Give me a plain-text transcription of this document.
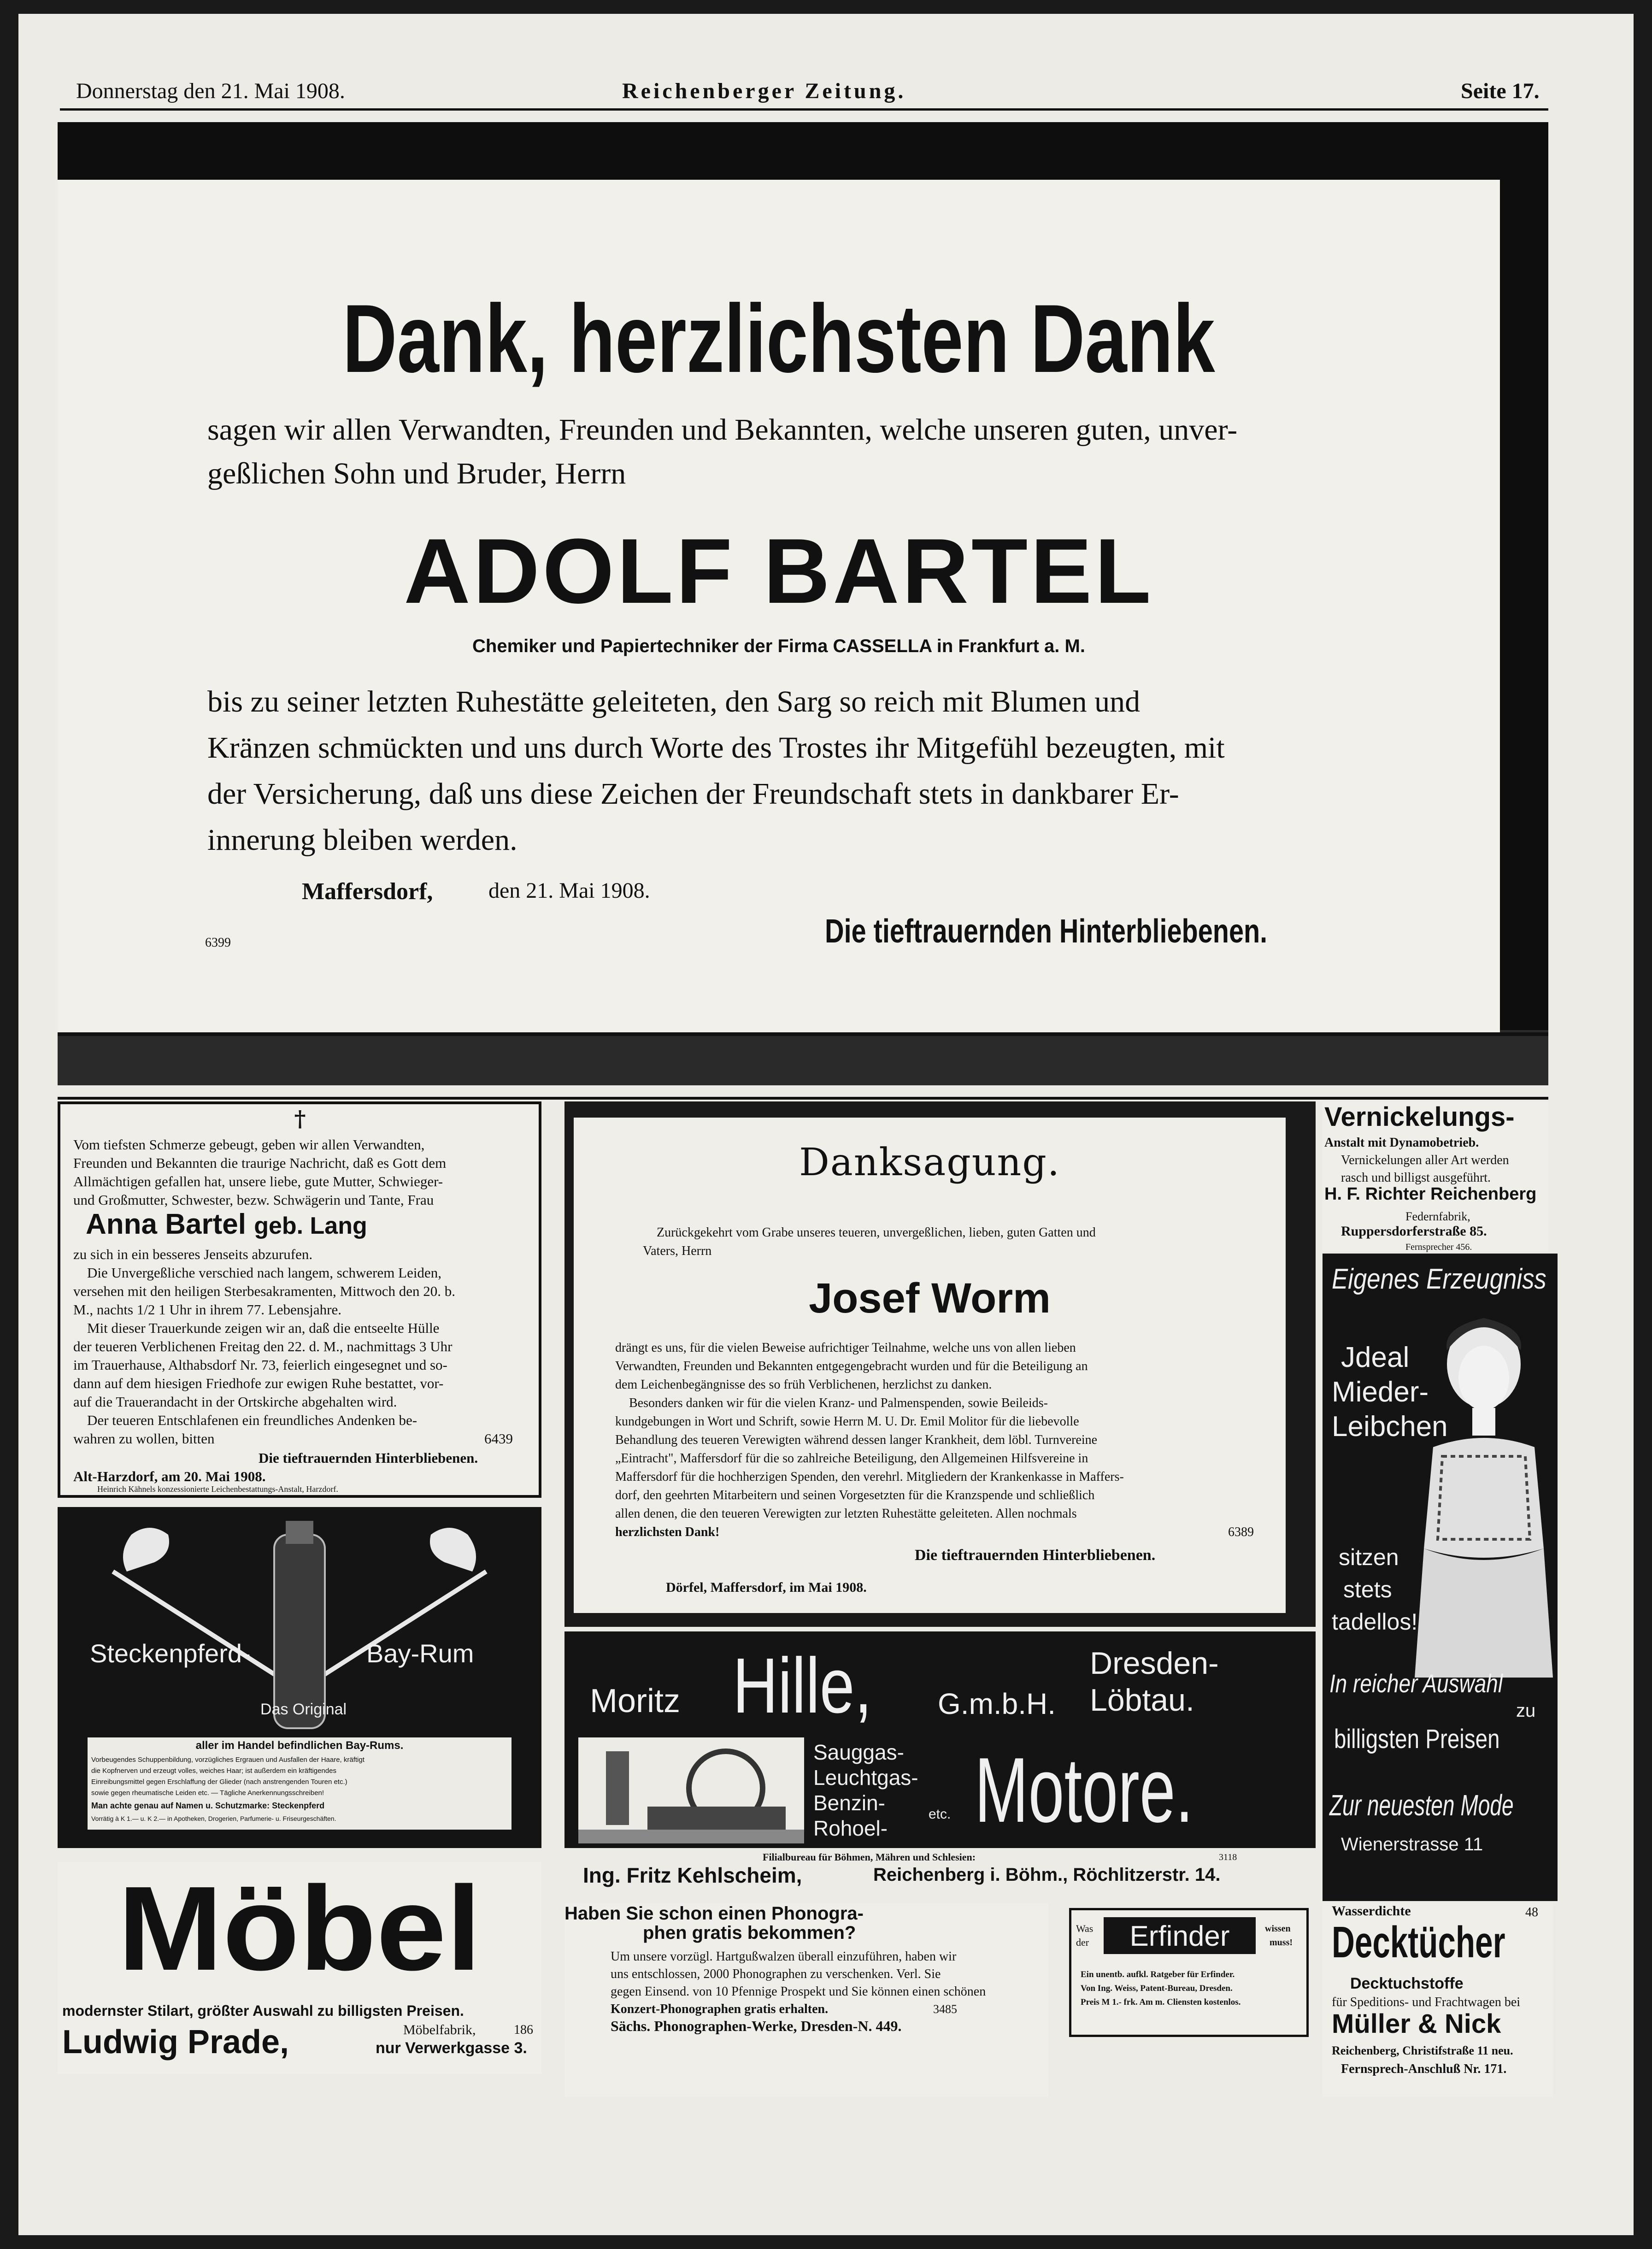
Donnerstag den 21. Mai 1908.	Reichenberger Zeitung.	Seite 17.
Dank, herzlichsten Dank
sagen wir allen Verwandten, Freunden und Bekannten, welche unseren guten, unver-
geßlichen Sohn und Bruder, Herrn
ADOLF BARTEL
Chemiker und Papiertechniker der Firma CASSELLA in Frankfurt a. M.
bis zu seiner letzten Ruhestätte geleiteten, den Sarg so reich mit Blumen und
Kränzen schmückten und uns durch Worte des Trostes ihr Mitgefühl bezeugten, mit
der Versicherung, daß uns diese Zeichen der Freundschaft stets in dankbarer Er-
innerung bleiben werden.
Maffersdorf,	den 21. Mai 1908.
6399	Die tieftrauernden Hinterbliebenen.
†
Vom tiefsten Schmerze gebeugt, geben wir allen Verwandten,
Freunden und Bekannten die traurige Nachricht, daß es Gott dem
Allmächtigen gefallen hat, unsere liebe, gute Mutter, Schwieger-
und Großmutter, Schwester, bezw. Schwägerin und Tante, Frau
Anna Bartel geb. Lang
zu sich in ein besseres Jenseits abzurufen.
Die Unvergeßliche verschied nach langem, schwerem Leiden,
versehen mit den heiligen Sterbesakramenten, Mittwoch den 20. b.
M., nachts 1/2 1 Uhr in ihrem 77. Lebensjahre.
Mit dieser Trauerkunde zeigen wir an, daß die entseelte Hülle
der teueren Verblichenen Freitag den 22. d. M., nachmittags 3 Uhr
im Trauerhause, Althabsdorf Nr. 73, feierlich eingesegnet und so-
dann auf dem hiesigen Friedhofe zur ewigen Ruhe bestattet, vor-
auf die Trauerandacht in der Ortskirche abgehalten wird.
Der teueren Entschlafenen ein freundliches Andenken be-
wahren zu wollen, bitten	6439
Die tieftrauernden Hinterbliebenen.
Alt-Harzdorf, am 20. Mai 1908.
Heinrich Kähnels konzessionierte Leichenbestattungs-Anstalt, Harzdorf.
Danksagung.
Zurückgekehrt vom Grabe unseres teueren, unvergeßlichen, lieben, guten Gatten und
Vaters, Herrn
Josef Worm
drängt es uns, für die vielen Beweise aufrichtiger Teilnahme, welche uns von allen lieben
Verwandten, Freunden und Bekannten entgegengebracht wurden und für die Beteiligung an
dem Leichenbegängnisse des so früh Verblichenen, herzlichst zu danken.
Besonders danken wir für die vielen Kranz- und Palmenspenden, sowie Beileids-
kundgebungen in Wort und Schrift, sowie Herrn M. U. Dr. Emil Molitor für die liebevolle
Behandlung des teueren Verewigten während dessen langer Krankheit, dem löbl. Turnvereine
„Eintracht", Maffersdorf für die so zahlreiche Beteiligung, den Allgemeinen Hilfsvereine in
Maffersdorf für die hochherzigen Spenden, den verehrl. Mitgliedern der Krankenkasse in Maffers-
dorf, den geehrten Mitarbeitern und seinen Vorgesetzten für die Kranzspende und schließlich
allen denen, die den teueren Verewigten zur letzten Ruhestätte geleiteten. Allen nochmals
herzlichsten Dank!	6389
Die tieftrauernden Hinterbliebenen.
Dörfel, Maffersdorf, im Mai 1908.
Vernickelungs-
Anstalt mit Dynamobetrieb.
Vernickelungen aller Art werden
rasch und billigst ausgeführt.
H. F. Richter Reichenberg
Federnfabrik,
Ruppersdorferstraße 85.
Fernsprecher 456.
Eigenes Erzeugniss
Jdeal
Mieder-
Leibchen
sitzen
stets
tadellos!
In reicher Auswahl
zu
billigsten Preisen
Zur neuesten Mode
Wienerstrasse 11
Steckenpferd-	Bay-Rum
Das Original
aller im Handel befindlichen Bay-Rums.
Vorbeugendes Schuppenbildung, vorzügliches Ergrauen und Ausfallen der Haare, kräftigt
die Kopfnerven und erzeugt volles, weiches Haar; ist außerdem ein kräftigendes
Einreibungsmittel gegen Erschlaffung der Glieder (nach anstrengenden Touren etc.)
sowie gegen rheumatische Leiden etc. — Tägliche Anerkennungsschreiben!
Man achte genau auf Namen u. Schutzmarke: Steckenpferd
Vorrätig à K 1.— u. K 2.— in Apotheken, Drogerien, Parfumerie- u. Friseurgeschäften.
Moritz Hille, G.m.b.H.
Dresden-
Löbtau.
Sauggas-
Leuchtgas-
Benzin-
Rohoel-
etc. Motore.
Filialbureau für Böhmen, Mähren und Schlesien:	3118
Ing. Fritz Kehlscheim,	Reichenberg i. Böhm., Röchlitzerstr. 14.
Möbel
modernster Stilart, größter Auswahl zu billigsten Preisen.
Ludwig Prade,	Möbelfabrik,	186
nur Verwerkgasse 3.
Haben Sie schon einen Phonogra-
phen gratis bekommen?
Um unsere vorzügl. Hartgußwalzen überall einzuführen, haben wir
uns entschlossen, 2000 Phonographen zu verschenken. Verl. Sie
gegen Einsend. von 10 Pfennige Prospekt und Sie können einen schönen
Konzert-Phonographen gratis erhalten.	3485
Sächs. Phonographen-Werke, Dresden-N. 449.
Was
der	Erfinder	wissen
muss!
Ein unentb. aufkl. Ratgeber für Erfinder.
Von Ing. Weiss, Patent-Bureau, Dresden.
Preis M 1.- frk. Am m. Cliensten kostenlos.
Wasserdichte	48
Decktücher
Decktuchstoffe
für Speditions- und Frachtwagen bei
Müller & Nick
Reichenberg, Christifstraße 11 neu.
Fernsprech-Anschluß Nr. 171.
